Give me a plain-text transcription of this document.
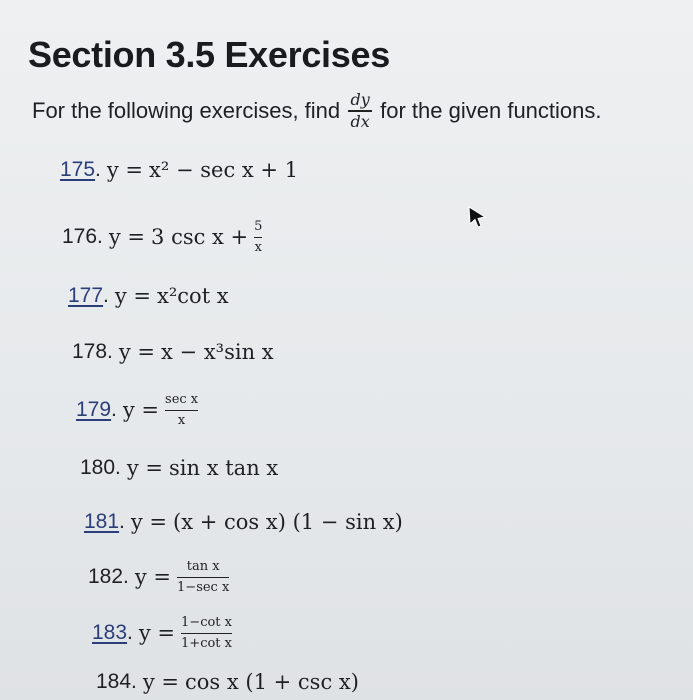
Section 3.5 Exercises
For the following exercises, find $\frac{dy}{dx}$ for the given functions.
175 . y = x² − sec x + 1
176 . y = 3 $\csc x + \frac{5}{x}$
177 . y = x²cot x
178 . y = x − x³sin x
179 . $y = \frac{\text{sec x}}{x}$
180 . y = sin x tan x
181 . y = (x + cos x) (1 − sin x)
182 . $y = \frac{\text{tan x}}{\text{1−sec x}}$
183 . $y = \frac{\text{1−cot x}}{\text{1+cot x}}$
184 . y = cos x (1 + csc x)
